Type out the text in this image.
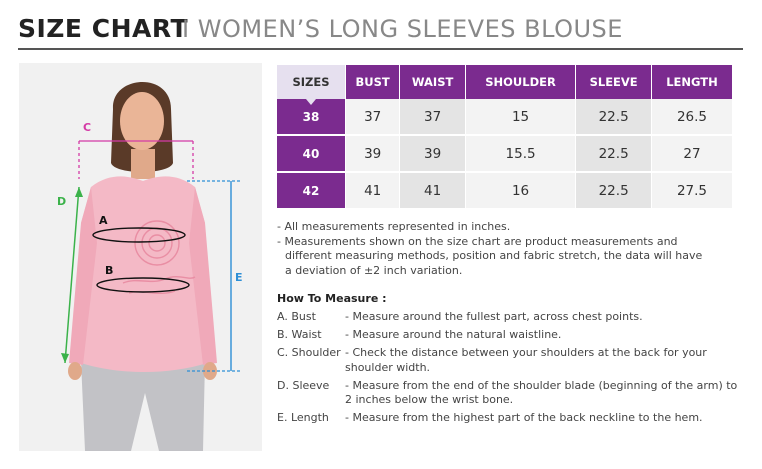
SIZE CHART
I WOMEN’S LONG SLEEVES BLOUSE
C
D
E
A
B
SIZES	BUST	WAIST	SHOULDER	SLEEVE	LENGTH
38	37	37	15	22.5	26.5
40	39	39	15.5	22.5	27
42	41	41	16	22.5	27.5

- All measurements represented in inches.

- Measurements shown on the size chart are product measurements and

different measuring methods, position and fabric stretch, the data will have

a deviation of ±2 inch variation.

How To Measure :
A. Bust	- Measure around the fullest part, across chest points.
B. Waist - Measure around the natural waistline.
C. Shoulder - Check the distance between your shoulders at the back for your shoulder width.
D. Sleeve - Measure from the end of the shoulder blade (beginning of the arm) to 2 inches below the wrist bone.
E. Length - Measure from the highest part of the back neckline to the hem.
